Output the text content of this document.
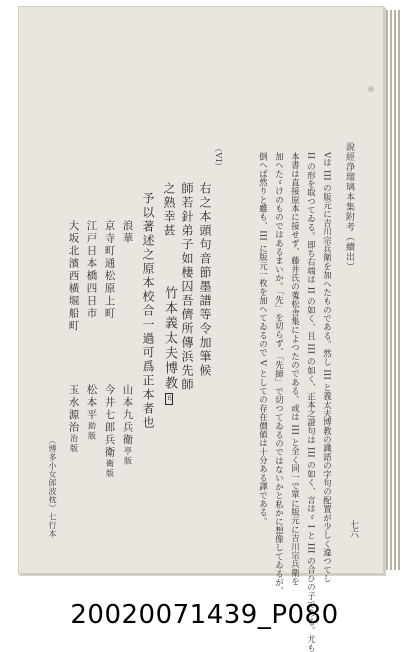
說經浄瑠璃本集附考（續出）
七六
Vは III の版元に吉川宗兵衛を加へたものである。然し III と義太夫博教の識語の字句の配置が少しく違つてし
II の形を取つてゐる。即ち右端は II の如く、且 III の如く、正本之證句は III の如く、言はゞ I と III の合ひの子である。尤も
本書は直接原本に接せず、藤井氏の蒐松舎集によつたのである。或は III と全く同一で單に版元に吉川宗兵衛を
加へたゞけのものではあるまいか。「先」を切らず、「先師」で切つてゐるのではないかと私かに想像してゐるが、
倒へば然りと雖も、III に版元一枚を加へてゐるので V としての存在價値は十分ある譯である。
（VI）
右之本頭句音節墨譜等令加筆候
師若針弟子如棲囚吾儕所傳浜先師
之熟幸甚
竹本義太夫博教印
予以著述之原本校合一過可爲正本者也
浪華
山本九兵衛亭版
京寺町通松原上町
今井七郎兵衛衛版
江戸日本橋四日市
松本平助版
大坂北濱西橫堀船町
玉水源治治版
（博多小女郎波枕）七行本
20020071439_P080
